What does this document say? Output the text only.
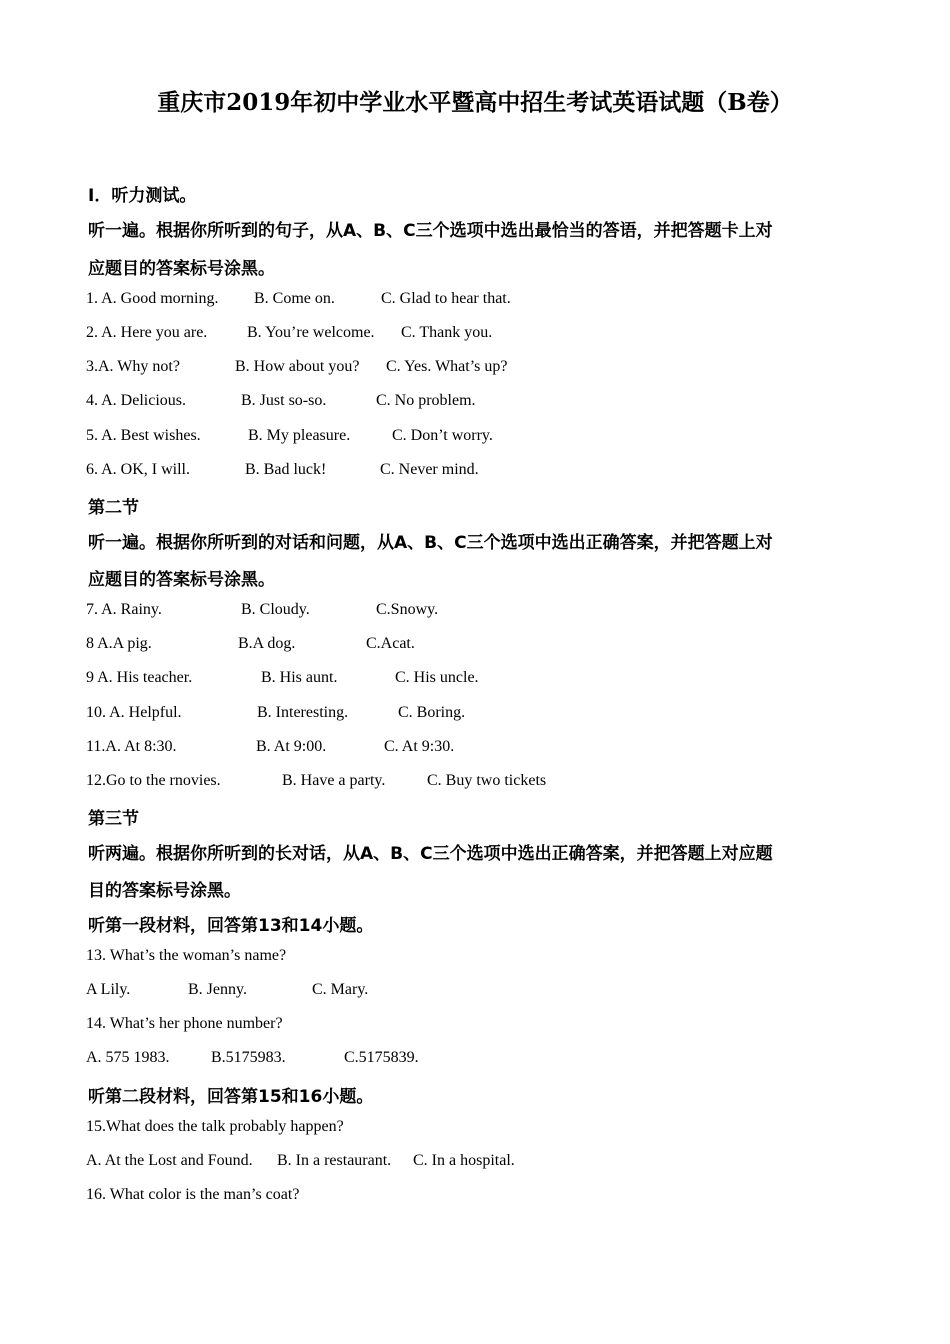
重庆市2019年初中学业水平暨高中招生考试英语试题（B卷）
I．听力测试。
听一遍。根据你所听到的句子，从A、B、C三个选项中选出最恰当的答语，并把答题卡上对
应题目的答案标号涂黑。
1. A. Good morning. B. Come on.	C. Glad to hear that.
2. A. Here you are. B. You’re welcome. C. Thank you.
3.A. Why not?	B. How about you? C. Yes. What’s up?
4. A. Delicious.	B. Just so-so.	C. No problem.
5. A. Best wishes.	B. My pleasure.	C. Don’t worry.
6. A. OK, I will.	B. Bad luck!	C. Never mind.
第二节
听一遍。根据你所听到的对话和问题，从A、B、C三个选项中选出正确答案，并把答题上对
应题目的答案标号涂黑。
7. A. Rainy.	B. Cloudy.	C.Snowy.
8 A.A pig.	B.A dog.	C.Acat.
9 A. His teacher.	B. His aunt.	C. His uncle.
10. A. Helpful.	B. Interesting.	C. Boring.
11.A. At 8:30.	B. At 9:00.	C. At 9:30.
12.Go to the rnovies.	B. Have a party.	C. Buy two tickets
第三节
听两遍。根据你所听到的长对话，从A、B、C三个选项中选出正确答案，并把答题上对应题
目的答案标号涂黑。
听第一段材料，回答第13和14小题。
13. What’s the woman’s name?
A Lily.	B. Jenny.	C. Mary.
14. What’s her phone number?
A. 575 1983.	B.5175983.	C.5175839.
听第二段材料，回答第15和16小题。
15.What does the talk probably happen?
A. At the Lost and Found. B. In a restaurant. C. In a hospital.
16. What color is the man’s coat?
